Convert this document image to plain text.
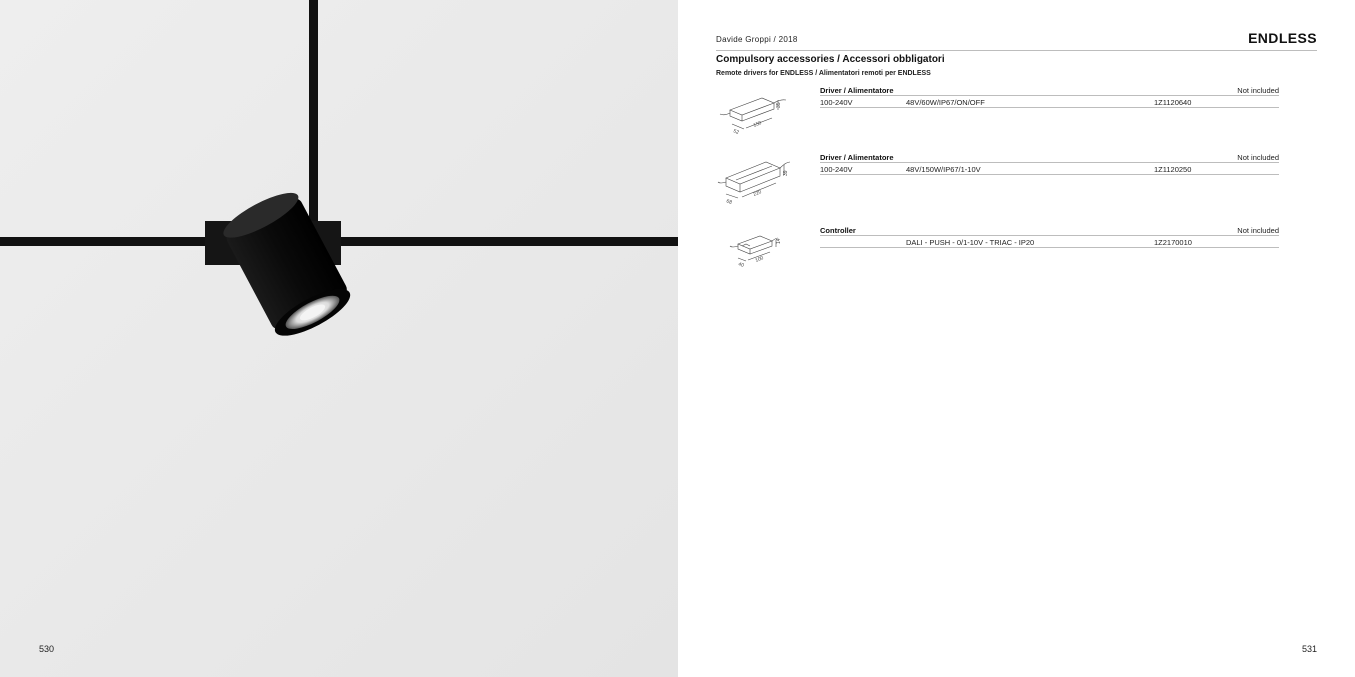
530
Davide Groppi / 2018	ENDLESS
Compulsory accessories / Accessori obbligatori
Remote drivers for ENDLESS / Alimentatori remoti per ENDLESS
35
52
150
Driver / Alimentatore	Not included
100-240V	48V/60W/IP67/ON/OFF	1Z1120640
39
68
220
Driver / Alimentatore	Not included
100-240V	48V/150W/IP67/1-10V	1Z1120250
14
40
100
Controller	Not included
DALI - PUSH - 0/1-10V - TRIAC - IP20	1Z2170010
531
